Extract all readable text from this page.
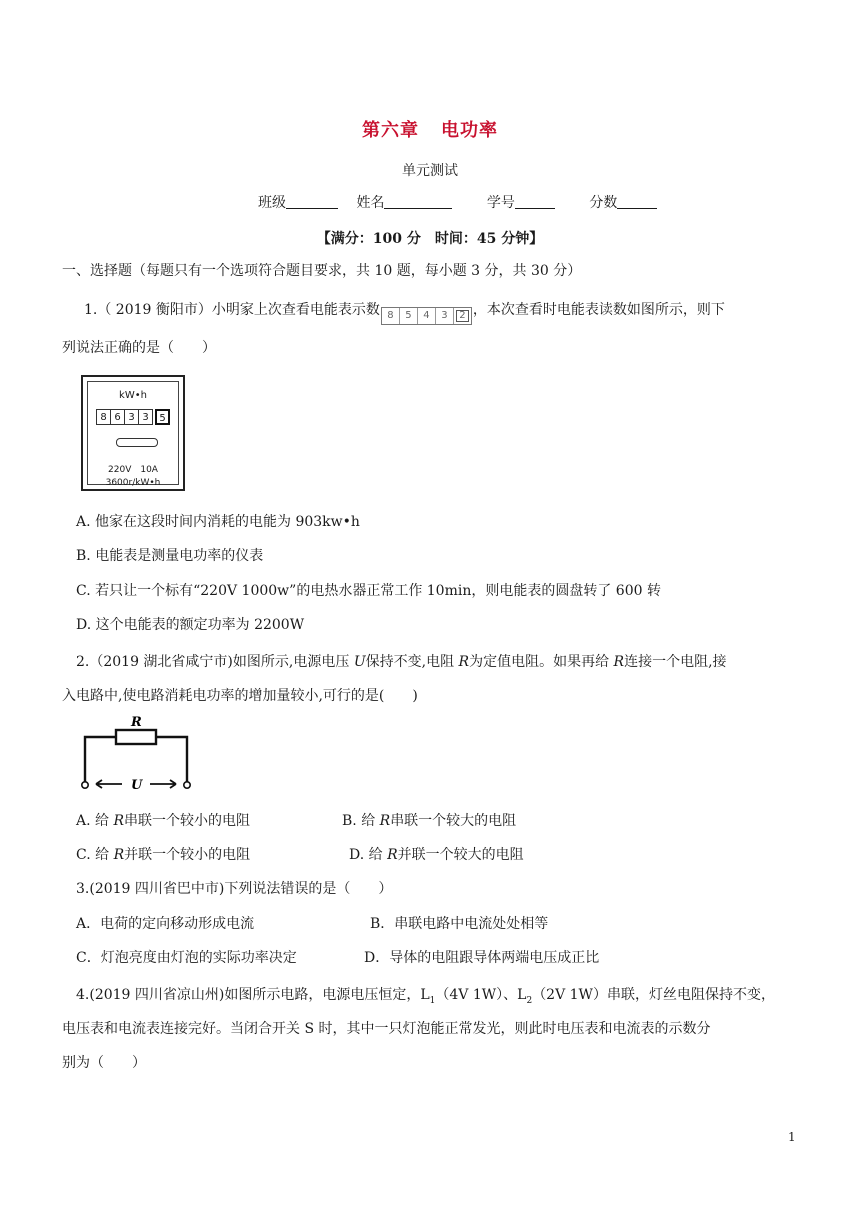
第六章 电功率
单元测试
班级	姓名	学号	分数
【满分：100 分　时间：45 分钟】
一、选择题（每题只有一个选项符合题目要求，共 10 题，每小题 3 分，共 30 分）
1.（ 2019 衡阳市）小明家上次查看电能表示数 8	5	4	3	2 ，本次查看时电能表读数如图所示，则下
列说法正确的是（　　）
kW•h
8 6 3 3	5
220V　10A
3600r/kW•h
A. 他家在这段时间内消耗的电能为 903kw•h
B. 电能表是测量电功率的仪表
C. 若只让一个标有“220V 1000w”的电热水器正常工作 10min，则电能表的圆盘转了 600 转
D. 这个电能表的额定功率为 2200W
2.（2019 湖北省咸宁市)如图所示,电源电压 U保持不变,电阻 R为定值电阻。如果再给 R连接一个电阻,接
入电路中,使电路消耗电功率的增加量较小,可行的是(　　)
R
U
A. 给 R串联一个较小的电阻	B. 给 R串联一个较大的电阻
C. 给 R并联一个较小的电阻	D. 给 R并联一个较大的电阻
3.(2019 四川省巴中市)下列说法错误的是（　　）
A．电荷的定向移动形成电流	B．串联电路中电流处处相等
C．灯泡亮度由灯泡的实际功率决定	D．导体的电阻跟导体两端电压成正比
4.(2019 四川省凉山州)如图所示电路，电源电压恒定，$L_1(4V$ 1W）、$L_2(2V$ 1W）串联，灯丝电阻保持不变，
电压表和电流表连接完好。当闭合开关 S 时，其中一只灯泡能正常发光，则此时电压表和电流表的示数分
别为（　　）
1
